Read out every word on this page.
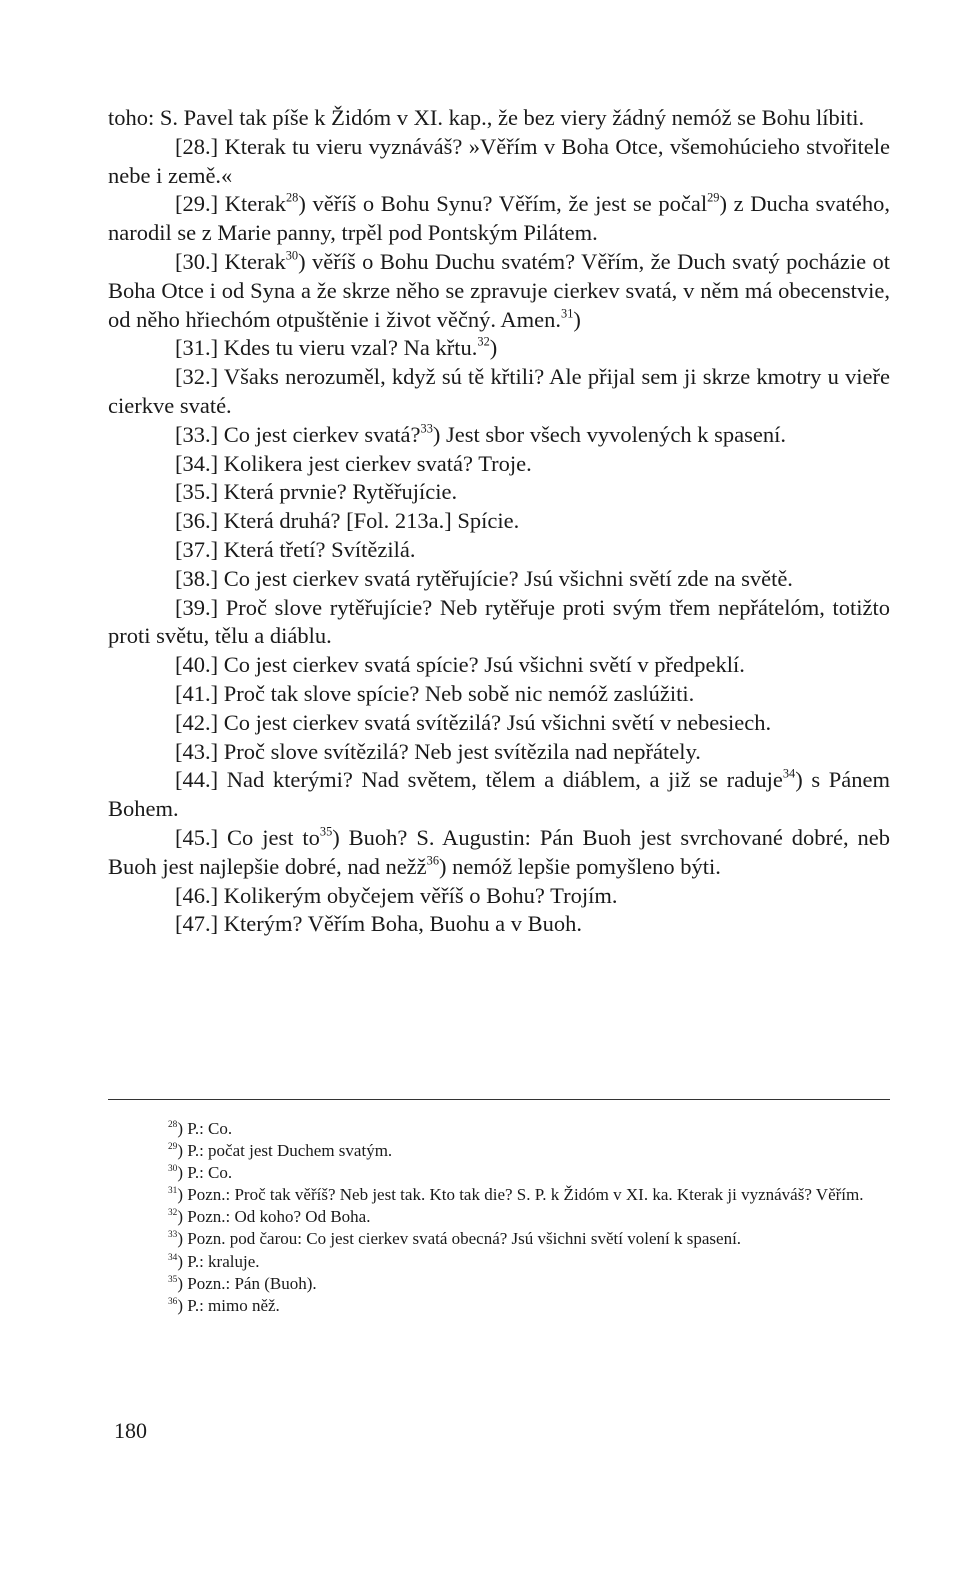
toho: S. Pavel tak píše k Židóm v XI. kap., že bez viery žádný nemóž se Bohu líbiti.

[28.] Kterak tu vieru vyznáváš? »Věřím v Boha Otce, všemohúcieho stvořitele nebe i země.«

[29.] Kterak$^{28}$) věříš o Bohu Synu? Věřím, že jest se počal$^{29}$) z Ducha svatého, narodil se z Marie panny, trpěl pod Pontským Pilátem.

[30.] Kterak$^{30}$) věříš o Bohu Duchu svatém? Věřím, že Duch svatý pocházie ot Boha Otce i od Syna a že skrze něho se zpravuje cierkev svatá, v něm má obecenstvie, od něho hřiechóm otpuštěnie i život věčný. Amen.$^{31}$)

[31.] Kdes tu vieru vzal? Na křtu.$^{32}$)

[32.] Všaks nerozuměl, když sú tě křtili? Ale přijal sem ji skrze kmotry u vieře cierkve svaté.

[33.] Co jest cierkev svatá?$^{33}$) Jest sbor všech vyvolených k spasení.

[34.] Kolikera jest cierkev svatá? Troje.

[35.] Která prvnie? Rytěřujície.

[36.] Která druhá? [Fol. 213a.] Spície.

[37.] Která třetí? Svítězilá.

[38.] Co jest cierkev svatá rytěřujície? Jsú všichni světí zde na světě.

[39.] Proč slove rytěřujície? Neb rytěřuje proti svým třem nepřátelóm, totižto proti světu, tělu a diáblu.

[40.] Co jest cierkev svatá spície? Jsú všichni světí v předpeklí.

[41.] Proč tak slove spície? Neb sobě nic nemóž zaslúžiti.

[42.] Co jest cierkev svatá svítězilá? Jsú všichni světí v nebesiech.

[43.] Proč slove svítězilá? Neb jest svítězila nad nepřátely.

[44.] Nad kterými? Nad světem, tělem a diáblem, a již se raduje$^{34}$) s Pánem Bohem.

[45.] Co jest $to^{35}$) Buoh? S. Augustin: Pán Buoh jest svrchované dobré, neb Buoh jest najlepšie dobré, nad nežž$^{36}$) nemóž lepšie pomyšleno býti.

[46.] Kolikerým obyčejem věříš o Bohu? Trojím.

[47.] Kterým? Věřím Boha, Buohu a v Buoh.

$^{28}$) P.: Co.

$^{29}$) P.: počat jest Duchem svatým.

$^{30}$) P.: Co.

$^{31}$) Pozn.: Proč tak věříš? Neb jest tak. Kto tak die? S. P. k Židóm v XI. ka. Kterak ji vyznáváš? Věřím.

$^{32}$) Pozn.: Od koho? Od Boha.

$^{33}$) Pozn. pod čarou: Co jest cierkev svatá obecná? Jsú všichni světí volení k spasení.

$^{34}$) P.: kraluje.

$^{35}$) Pozn.: Pán (Buoh).

$^{36}$) P.: mimo něž.

180
